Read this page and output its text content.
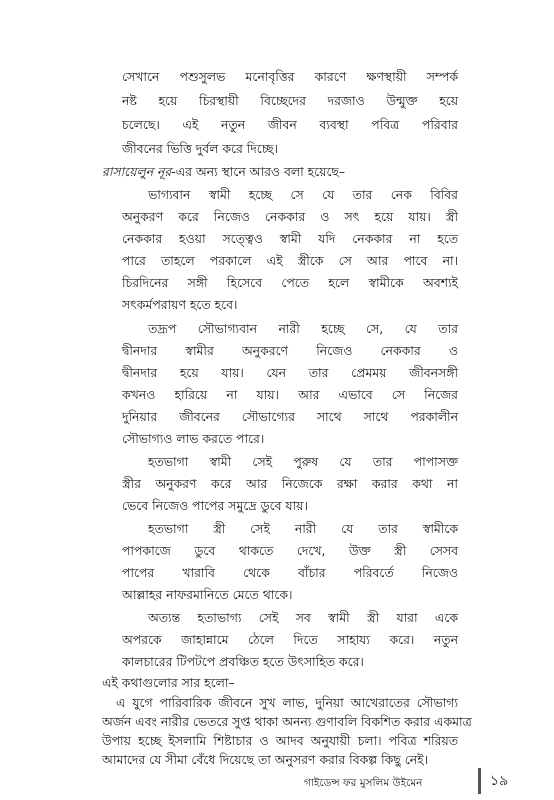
সেখানে পশুসুলভ মনোবৃত্তির কারণে ক্ষণস্থায়ী সম্পর্ক
নষ্ট হয়ে চিরস্থায়ী বিচ্ছেদের দরজাও উন্মুক্ত হয়ে
চলেছে। এই নতুন জীবন ব্যবস্থা পবিত্র পরিবার
জীবনের ভিত্তি দুর্বল করে দিচ্ছে।
রাসায়েলুন নূর-এর অন্য স্থানে আরও বলা হয়েছে–
ভাগ্যবান স্বামী হচ্ছে সে যে তার নেক বিবির
অনুকরণ করে নিজেও নেককার ও সৎ হয়ে যায়। স্ত্রী
নেককার হওয়া সত্ত্বেও স্বামী যদি নেককার না হতে
পারে তাহলে পরকালে এই স্ত্রীকে সে আর পাবে না।
চিরদিনের সঙ্গী হিসেবে পেতে হলে স্বামীকে অবশ্যই
সৎকর্মপরায়ণ হতে হবে।
তদ্রূপ সৌভাগ্যবান নারী হচ্ছে সে, যে তার
দ্বীনদার স্বামীর অনুকরণে নিজেও নেককার ও
দ্বীনদার হয়ে যায়। যেন তার প্রেমময় জীবনসঙ্গী
কখনও হারিয়ে না যায়। আর এভাবে সে নিজের
দুনিয়ার জীবনের সৌভাগ্যের সাথে সাথে পরকালীন
সৌভাগ্যও লাভ করতে পারে।
হতভাগা স্বামী সেই পুরুষ যে তার পাপাসক্ত
স্ত্রীর অনুকরণ করে আর নিজেকে রক্ষা করার কথা না
ভেবে নিজেও পাপের সমুদ্রে ডুবে যায়।
হতভাগা স্ত্রী সেই নারী যে তার স্বামীকে
পাপকাজে ডুবে থাকতে দেখে, উক্ত স্ত্রী সেসব
পাপের খারাবি থেকে বাঁচার পরিবর্তে নিজেও
আল্লাহর নাফরমানিতে মেতে থাকে।
অত্যন্ত হতাভাগ্য সেই সব স্বামী স্ত্রী যারা একে
অপরকে জাহান্নামে ঠেলে দিতে সাহায্য করে। নতুন
কালচারের টিপটপে প্রবঞ্চিত হতে উৎসাহিত করে।
এই কথাগুলোর সার হলো–
গাইডেন্স ফর মুসলিম উইমেন	১৯
এ যুগে পারিবারিক জীবনে সুখ লাভ, দুনিয়া আখেরাতের সৌভাগ্য
অর্জন এবং নারীর ভেতরে সুপ্ত থাকা অনন্য গুণাবলি বিকশিত করার একমাত্র
উপায় হচ্ছে ইসলামি শিষ্টাচার ও আদব অনুযায়ী চলা। পবিত্র শরিয়ত
আমাদের যে সীমা বেঁধে দিয়েছে তা অনুসরণ করার বিকল্প কিছু নেই।
